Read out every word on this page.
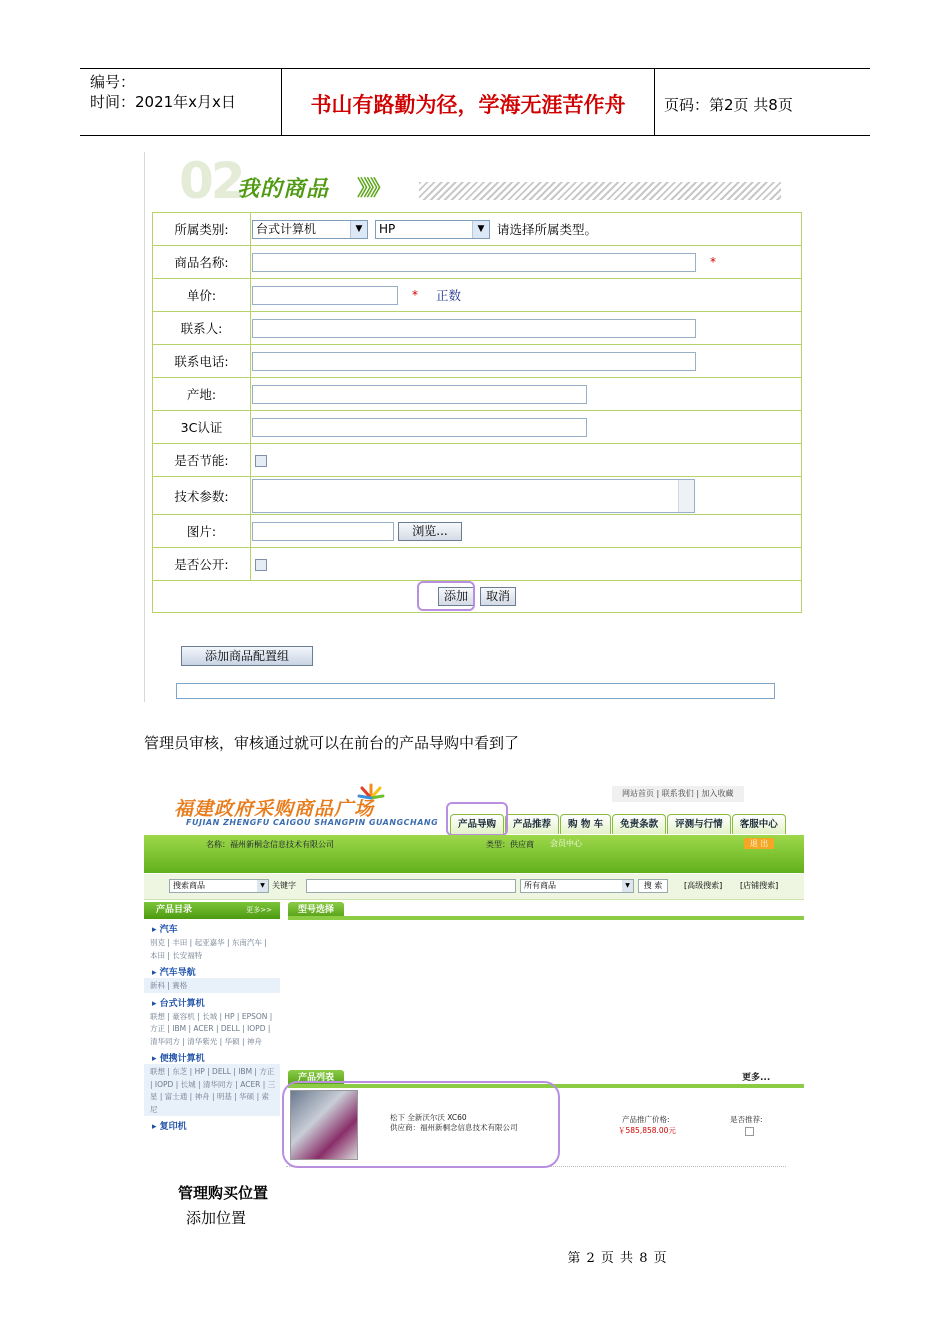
编号：
时间：2021年x月x日	书山有路勤为径，学海无涯苦作舟	页码：第2页 共8页
02
我的商品 》》》
所属类别:	台式计算机 ▼ HP ▼ 请选择所属类型。
商品名称:	*
单价:	* 正数
联系人:	
联系电话:	
产地:	
3C认证	
是否节能:	
技术参数:	

图片:	浏览...
是否公开:	
添加 取消	
添加商品配置组
管理员审核，审核通过就可以在前台的产品导购中看到了
福建政府采购商品广场
FUJIAN ZHENGFU CAIGOU SHANGPIN GUANGCHANG
网站首页 | 联系我们 | 加入收藏
产品导购	产品推荐	购 物 车	免责条款	评测与行情	客服中心
名称：福州新桐念信息技术有限公司	类型：供应商 会员中心	退 出
搜索商品	▼ 关键字	所有商品	▼	搜 索	[高级搜索] [店铺搜索]
产品目录	更多>>
▸ 汽车
别克 | 丰田 | 起亚嘉华 | 东南汽车 | 本田 | 长安福特
▸ 汽车导航
新科 | 赛格
▸ 台式计算机
联想 | 豪容机 | 长城 | HP | EPSON | 方正 | IBM | ACER | DELL | IOPD | 清华同方 | 清华紫光 | 华硕 | 神舟
▸ 便携计算机
联想 | 东芝 | HP | DELL | IBM | 方正 | IOPD | 长城 | 清华同方 | ACER | 三星 | 富士通 | 神舟 | 明基 | 华硕 | 索尼
▸ 复印机
型号选择
产品列表	更多...
松下 全新沃尔沃 XC60
供应商：福州新桐念信息技术有限公司
产品推广价格:
￥585,858.00元
是否推荐:
管理购买位置
添加位置
第 2 页 共 8 页
